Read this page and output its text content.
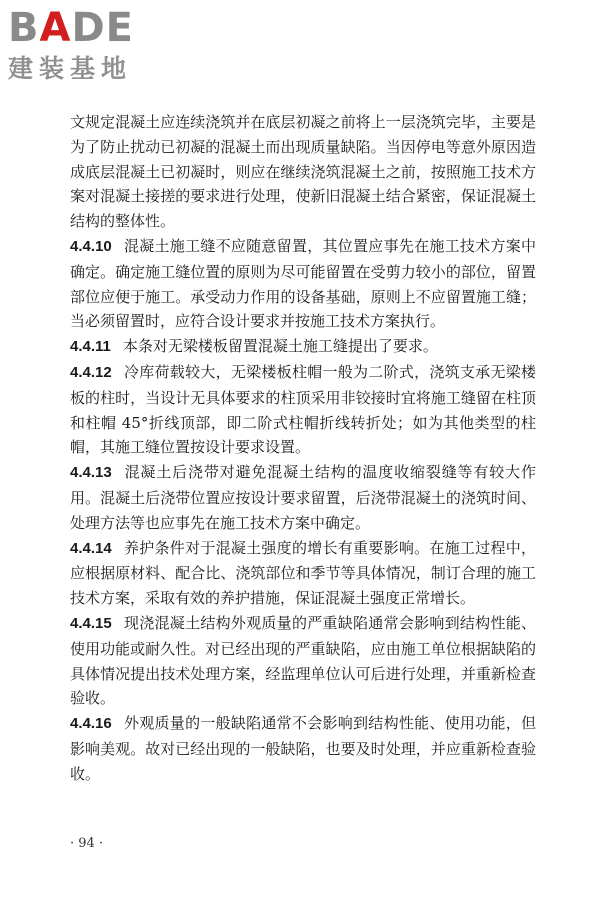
BADE
建装基地

文规定混凝土应连续浇筑并在底层初凝之前将上一层浇筑完毕，主要是为了防止扰动已初凝的混凝土而出现质量缺陷。当因停电等意外原因造成底层混凝土已初凝时，则应在继续浇筑混凝土之前，按照施工技术方案对混凝土接搓的要求进行处理，使新旧混凝土结合紧密，保证混凝土结构的整体性。

4.4.10 混凝土施工缝不应随意留置，其位置应事先在施工技术方案中确定。确定施工缝位置的原则为尽可能留置在受剪力较小的部位，留置部位应便于施工。承受动力作用的设备基础，原则上不应留置施工缝；当必须留置时，应符合设计要求并按施工技术方案执行。

4.4.11 本条对无梁楼板留置混凝土施工缝提出了要求。

4.4.12 冷库荷载较大，无梁楼板柱帽一般为二阶式，浇筑支承无梁楼板的柱时，当设计无具体要求的柱顶采用非铰接时宜将施工缝留在柱顶和柱帽 45°折线顶部，即二阶式柱帽折线转折处；如为其他类型的柱帽，其施工缝位置按设计要求设置。

4.4.13 混凝土后浇带对避免混凝土结构的温度收缩裂缝等有较大作用。混凝土后浇带位置应按设计要求留置，后浇带混凝土的浇筑时间、处理方法等也应事先在施工技术方案中确定。

4.4.14 养护条件对于混凝土强度的增长有重要影响。在施工过程中，应根据原材料、配合比、浇筑部位和季节等具体情况，制订合理的施工技术方案，采取有效的养护措施，保证混凝土强度正常增长。

4.4.15 现浇混凝土结构外观质量的严重缺陷通常会影响到结构性能、使用功能或耐久性。对已经出现的严重缺陷，应由施工单位根据缺陷的具体情况提出技术处理方案，经监理单位认可后进行处理，并重新检查验收。

4.4.16 外观质量的一般缺陷通常不会影响到结构性能、使用功能，但影响美观。故对已经出现的一般缺陷，也要及时处理，并应重新检查验收。

· 94 ·
